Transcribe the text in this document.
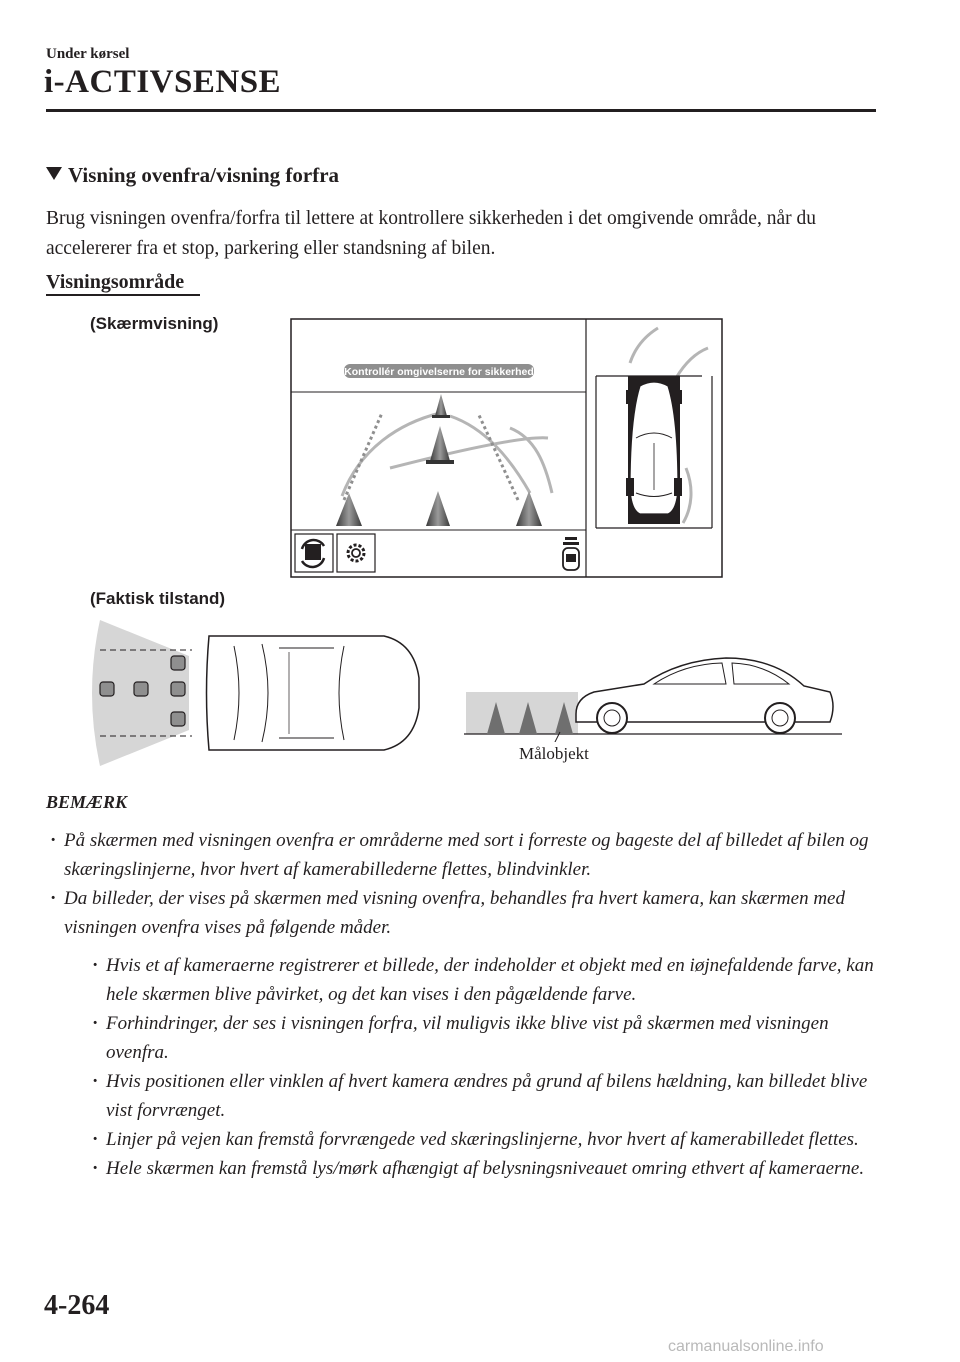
Under kørsel
i-ACTIVSENSE
Visning ovenfra/visning forfra
Brug visningen ovenfra/forfra til lettere at kontrollere sikkerheden i det omgivende område, når du accelererer fra et stop, parkering eller standsning af bilen.
Visningsområde
(Skærmvisning)
Kontrollér omgivelserne for sikkerhed
(Faktisk tilstand)
Målobjekt
BEMÆRK
· På skærmen med visningen ovenfra er områderne med sort i forreste og bageste del af billedet af bilen og skæringslinjerne, hvor hvert af kamerabillederne flettes, blindvinkler.
· Da billeder, der vises på skærmen med visning ovenfra, behandles fra hvert kamera, kan skærmen med visningen ovenfra vises på følgende måder.
· Hvis et af kameraerne registrerer et billede, der indeholder et objekt med en iøjnefaldende farve, kan hele skærmen blive påvirket, og det kan vises i den pågældende farve.
· Forhindringer, der ses i visningen forfra, vil muligvis ikke blive vist på skærmen med visningen ovenfra.
· Hvis positionen eller vinklen af hvert kamera ændres på grund af bilens hældning, kan billedet blive vist forvrænget.
· Linjer på vejen kan fremstå forvrængede ved skæringslinjerne, hvor hvert af kamerabilledet flettes.
· Hele skærmen kan fremstå lys/mørk afhængigt af belysningsniveauet omring ethvert af kameraerne.
4-264
carmanualsonline.info
